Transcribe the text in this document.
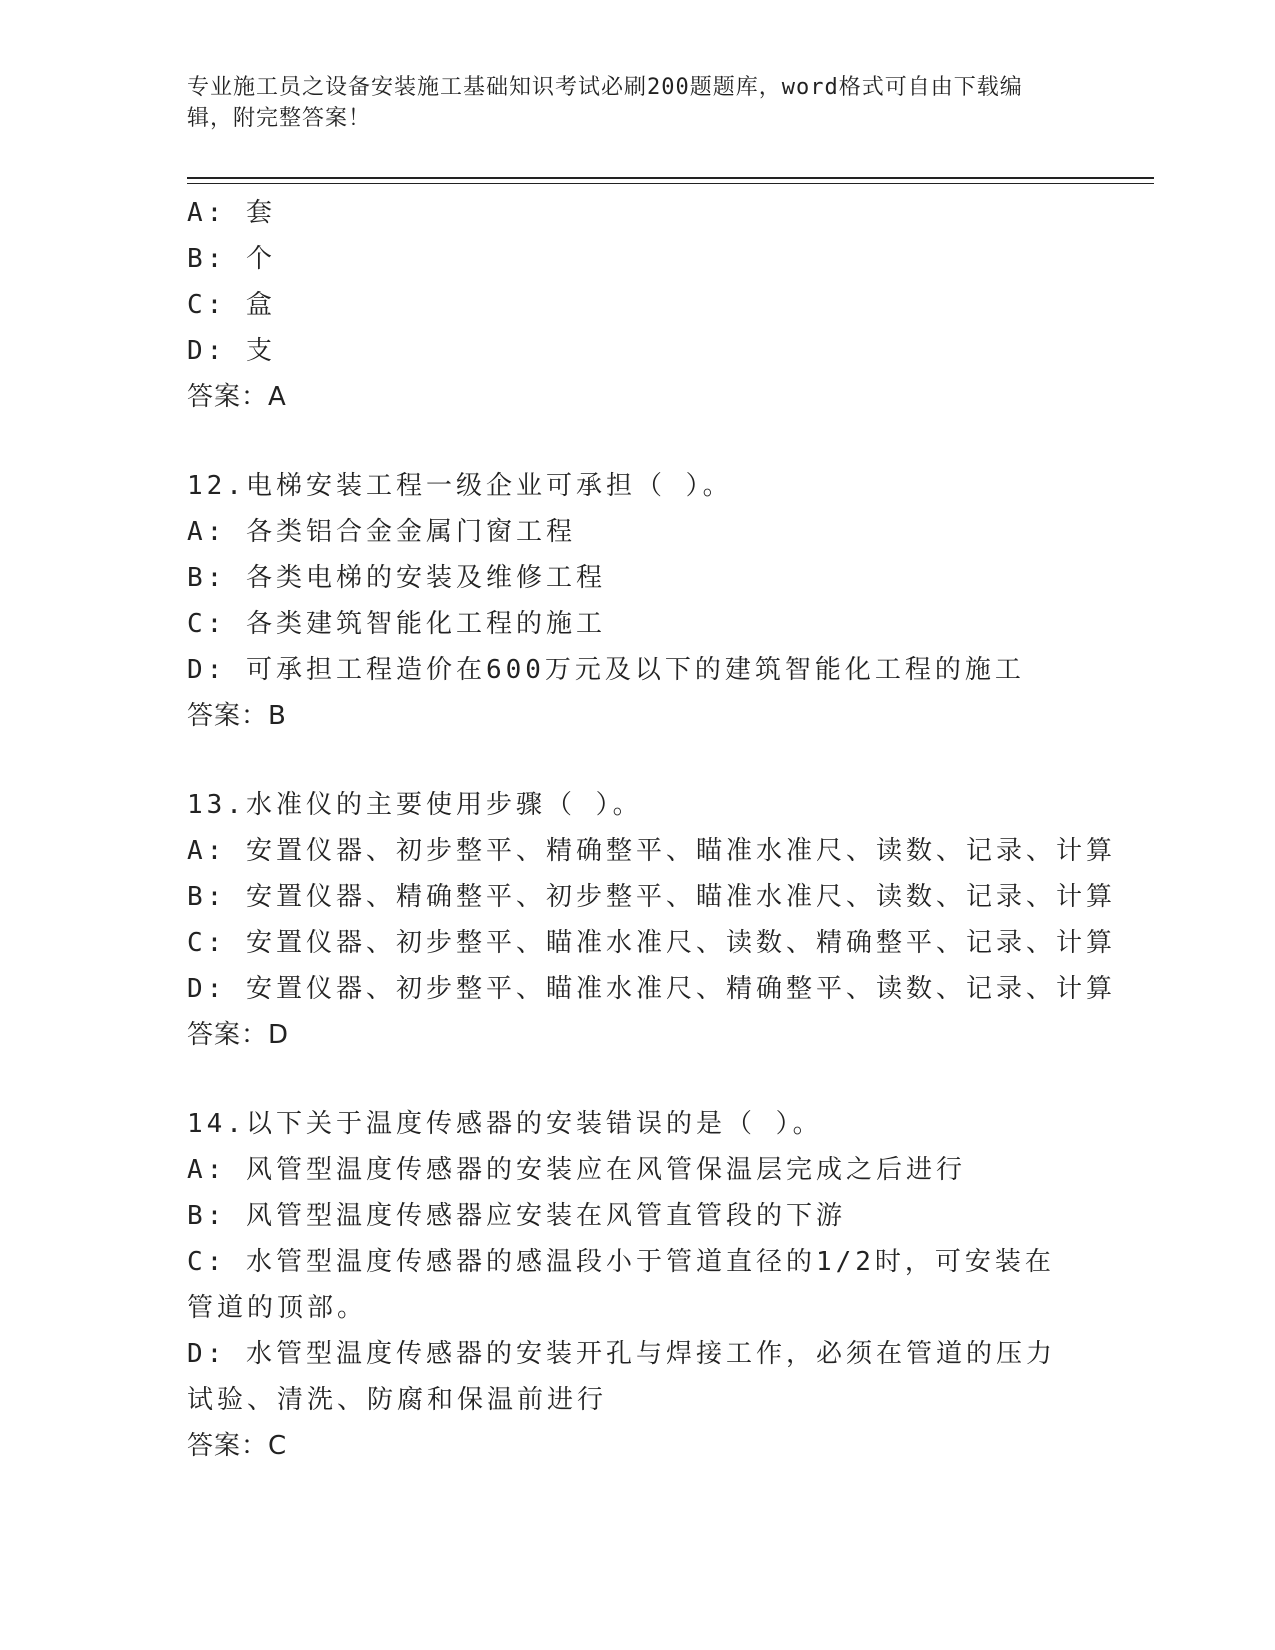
专业施工员之设备安装施工基础知识考试必刷200题题库，word格式可自由下载编辑，附完整答案！
A: 套
B: 个
C: 盒
D: 支
答案：A
12.电梯安装工程一级企业可承担（ ）。
A: 各类铝合金金属门窗工程
B: 各类电梯的安装及维修工程
C: 各类建筑智能化工程的施工
D: 可承担工程造价在600万元及以下的建筑智能化工程的施工
答案：B
13.水准仪的主要使用步骤（ ）。
A: 安置仪器、初步整平、精确整平、瞄准水准尺、读数、记录、计算
B: 安置仪器、精确整平、初步整平、瞄准水准尺、读数、记录、计算
C: 安置仪器、初步整平、瞄准水准尺、读数、精确整平、记录、计算
D: 安置仪器、初步整平、瞄准水准尺、精确整平、读数、记录、计算
答案：D
14.以下关于温度传感器的安装错误的是（ ）。
A: 风管型温度传感器的安装应在风管保温层完成之后进行
B: 风管型温度传感器应安装在风管直管段的下游
C: 水管型温度传感器的感温段小于管道直径的1/2时，可安装在管道的顶部。
D: 水管型温度传感器的安装开孔与焊接工作，必须在管道的压力试验、清洗、防腐和保温前进行
答案：C
